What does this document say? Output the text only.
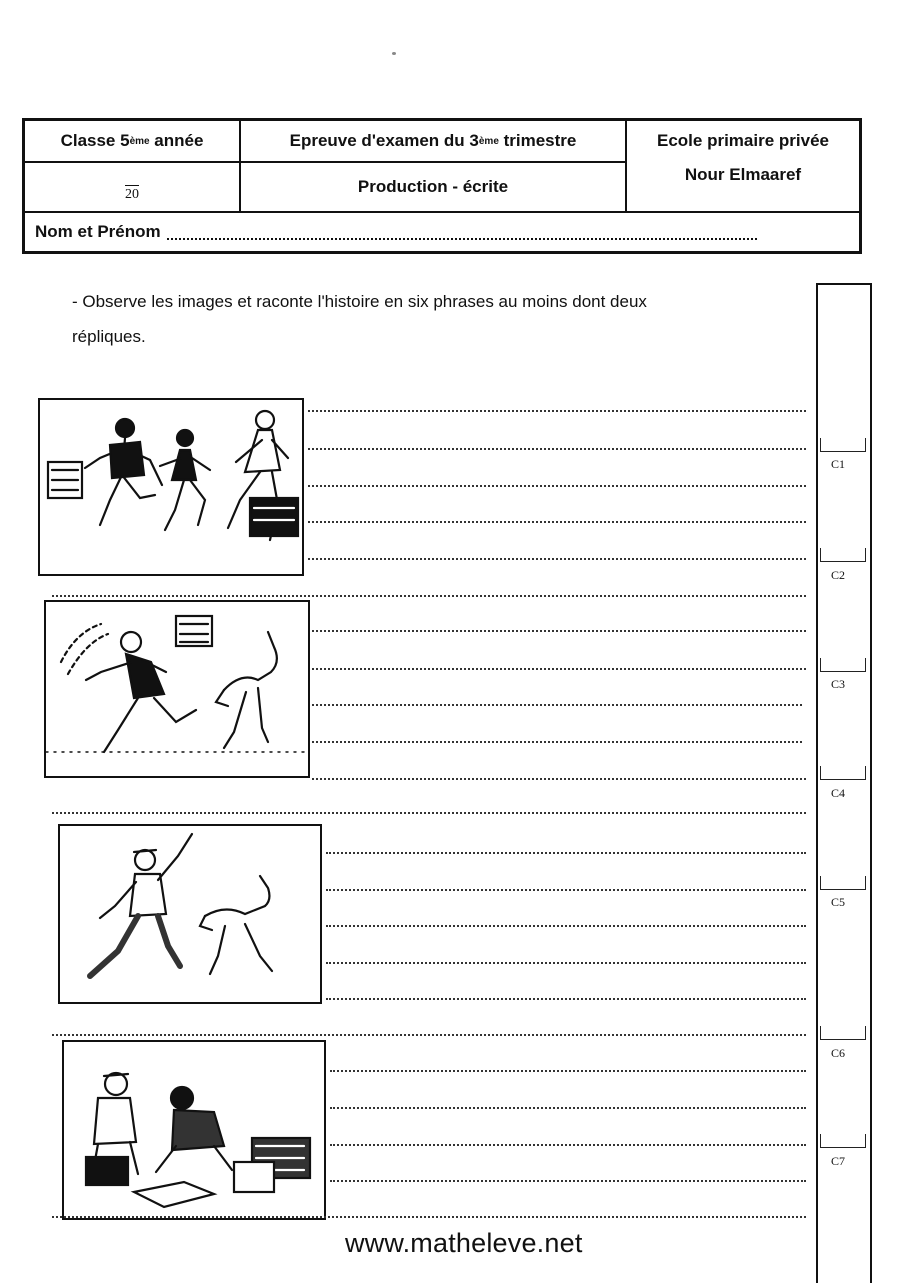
Classe 5 ème année	Epreuve d'examen du 3 ème trimestre	Ecole primaire privée
Nour Elmaaref
20	Production - écrite
Nom et Prénom
- Observe les images et raconte l'histoire en six phrases au moins dont deux
répliques.
C1
C2
C3
C4
C5
C6
C7
www.matheleve.net
